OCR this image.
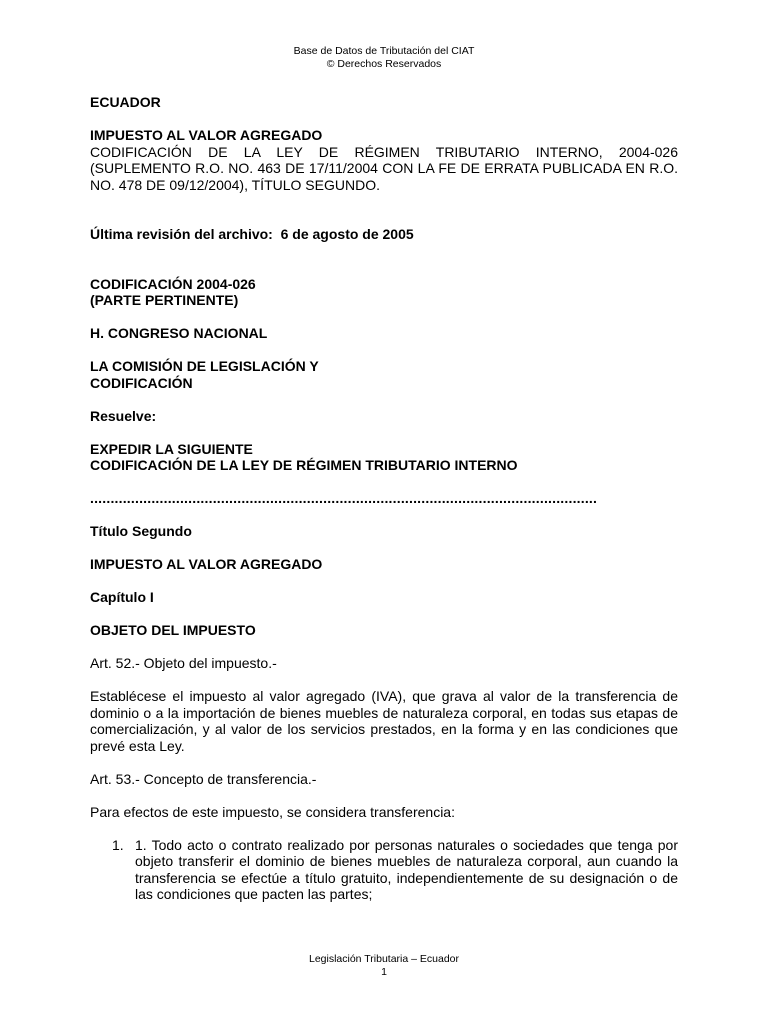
Base de Datos de Tributación del CIAT
© Derechos Reservados

ECUADOR

IMPUESTO AL VALOR AGREGADO

CODIFICACIÓN DE LA LEY DE RÉGIMEN TRIBUTARIO INTERNO, 2004-026 (SUPLEMENTO R.O. NO. 463 DE 17/11/2004 CON LA FE DE ERRATA PUBLICADA EN R.O. NO. 478 DE 09/12/2004), TÍTULO SEGUNDO.

Última revisión del archivo:  6 de agosto de 2005

CODIFICACIÓN 2004-026

(PARTE PERTINENTE)

H. CONGRESO NACIONAL

LA COMISIÓN DE LEGISLACIÓN Y

CODIFICACIÓN

Resuelve:

EXPEDIR LA SIGUIENTE

CODIFICACIÓN DE LA LEY DE RÉGIMEN TRIBUTARIO INTERNO

............................................................................................................................

Título Segundo

IMPUESTO AL VALOR AGREGADO

Capítulo I

OBJETO DEL IMPUESTO

Art. 52.- Objeto del impuesto.-

Establécese el impuesto al valor agregado (IVA), que grava al valor de la transferencia de dominio o a la importación de bienes muebles de naturaleza corporal, en todas sus etapas de comercialización, y al valor de los servicios prestados, en la forma y en las condiciones que prevé esta Ley.

Art. 53.- Concepto de transferencia.-

Para efectos de este impuesto, se considera transferencia:

1. 1. Todo acto o contrato realizado por personas naturales o sociedades que tenga por objeto transferir el dominio de bienes muebles de naturaleza corporal, aun cuando la transferencia se efectúe a título gratuito, independientemente de su designación o de las condiciones que pacten las partes;
Legislación Tributaria – Ecuador
1
